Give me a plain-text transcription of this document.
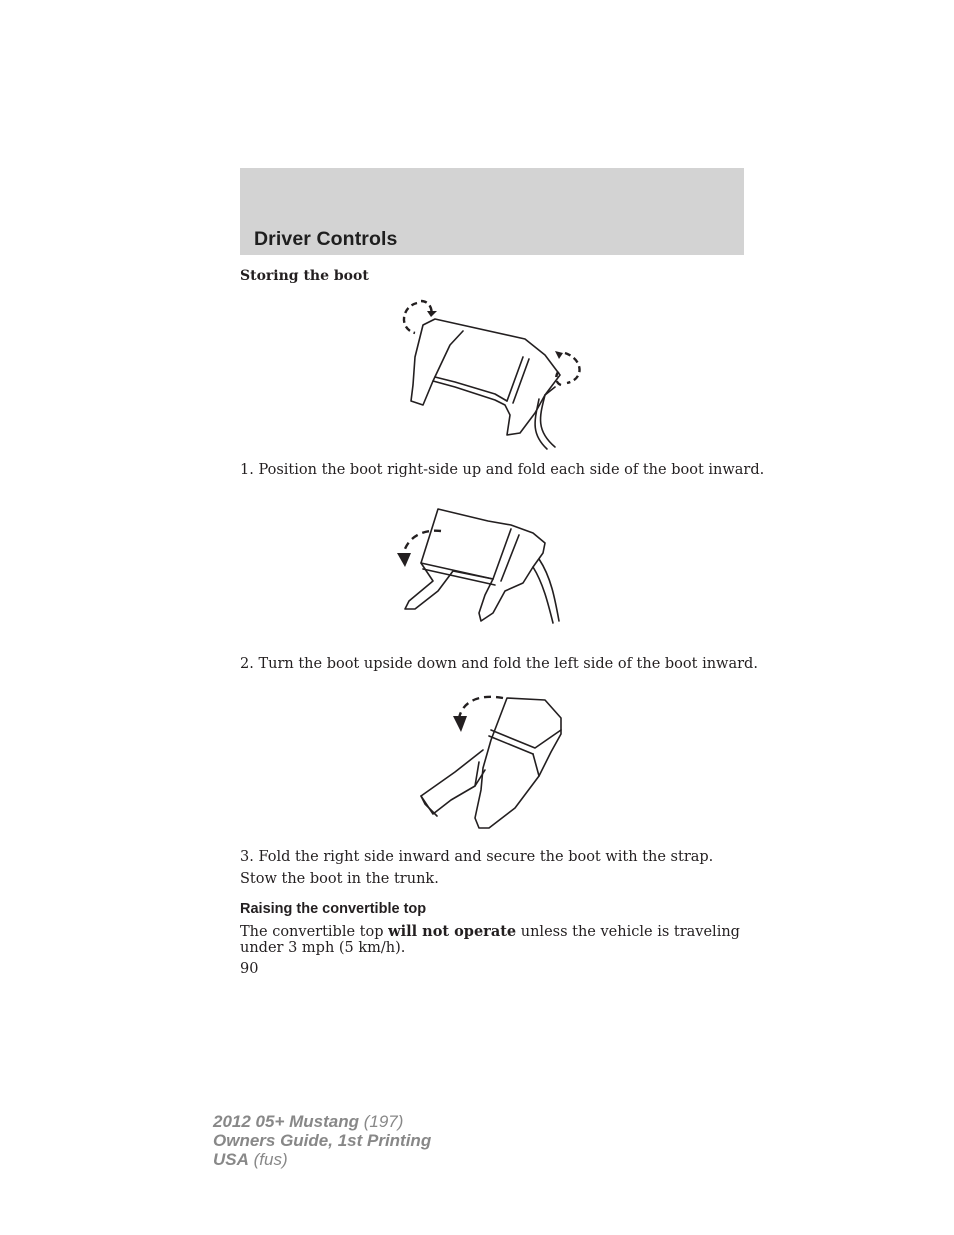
Driver Controls
Storing the boot
1. Position the boot right-side up and fold each side of the boot inward.
2. Turn the boot upside down and fold the left side of the boot inward.
3. Fold the right side inward and secure the boot with the strap.
Stow the boot in the trunk.
Raising the convertible top
The convertible top will not operate unless the vehicle is traveling
under 3 mph (5 km/h).
90
2012 05+ Mustang (197)
Owners Guide, 1st Printing
USA (fus)
